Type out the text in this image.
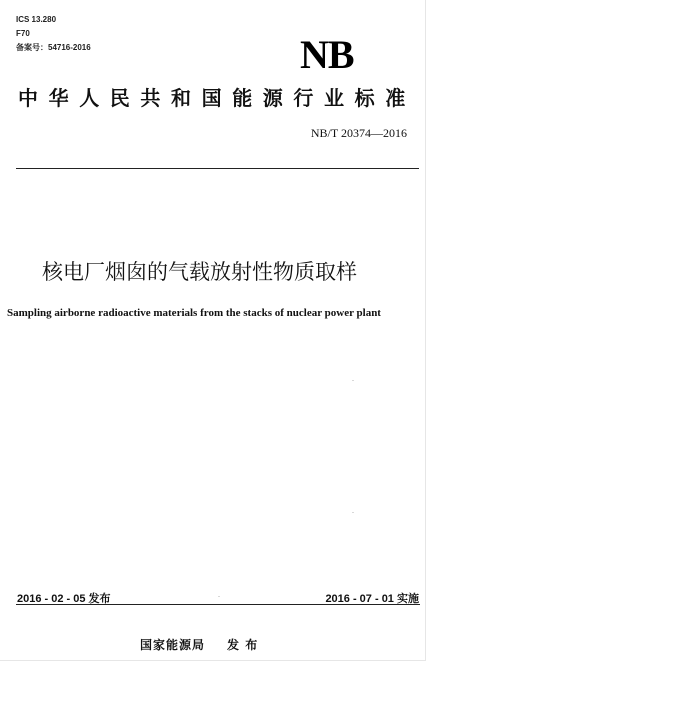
ICS 13.280
F70
备案号：54716-2016	NB
中华人民共和国能源行业标准
NB/T 20374—2016
核电厂烟囱的气载放射性物质取样
Sampling airborne radioactive materials from the stacks of nuclear power plant
2016 - 02 - 05 发布	2016 - 07 - 01 实施
国家能源局 发 布
